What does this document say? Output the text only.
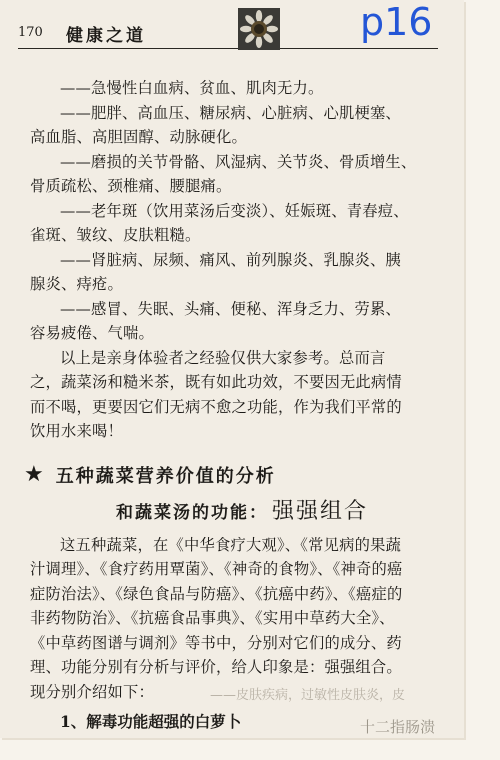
170 健康之道

——急慢性白血病、贫血、肌肉无力。

——肥胖、高血压、糖尿病、心脏病、心肌梗塞、

高血脂、高胆固醇、动脉硬化。

——磨损的关节骨骼、风湿病、关节炎、骨质增生、

骨质疏松、颈椎痛、腰腿痛。

——老年斑（饮用菜汤后变淡）、妊娠斑、青春痘、

雀斑、皱纹、皮肤粗糙。

——肾脏病、尿频、痛风、前列腺炎、乳腺炎、胰

腺炎、痔疮。

——感冒、失眠、头痛、便秘、浑身乏力、劳累、

容易疲倦、气喘。

以上是亲身体验者之经验仅供大家参考。总而言

之，蔬菜汤和糙米茶，既有如此功效，不要因无此病情

而不喝，更要因它们无病不愈之功能，作为我们平常的

饮用水来喝！

★ 五种蔬菜营养价值的分析
和蔬菜汤的功能： 强强组合

这五种蔬菜，在《中华食疗大观》、《常见病的果蔬

汁调理》、《食疗药用覃菌》、《神奇的食物》、《神奇的癌

症防治法》、《绿色食品与防癌》、《抗癌中药》、《癌症的

非药物防治》、《抗癌食品事典》、《实用中草药大全》、

《中草药图谱与调剂》等书中，分别对它们的成分、药

理、功能分别有分析与评价，给人印象是：强强组合。

现分别介绍如下：

1、解毒功能超强的白萝卜
——皮肤疾病，过敏性皮肤炎，皮
十二指肠溃
p16
